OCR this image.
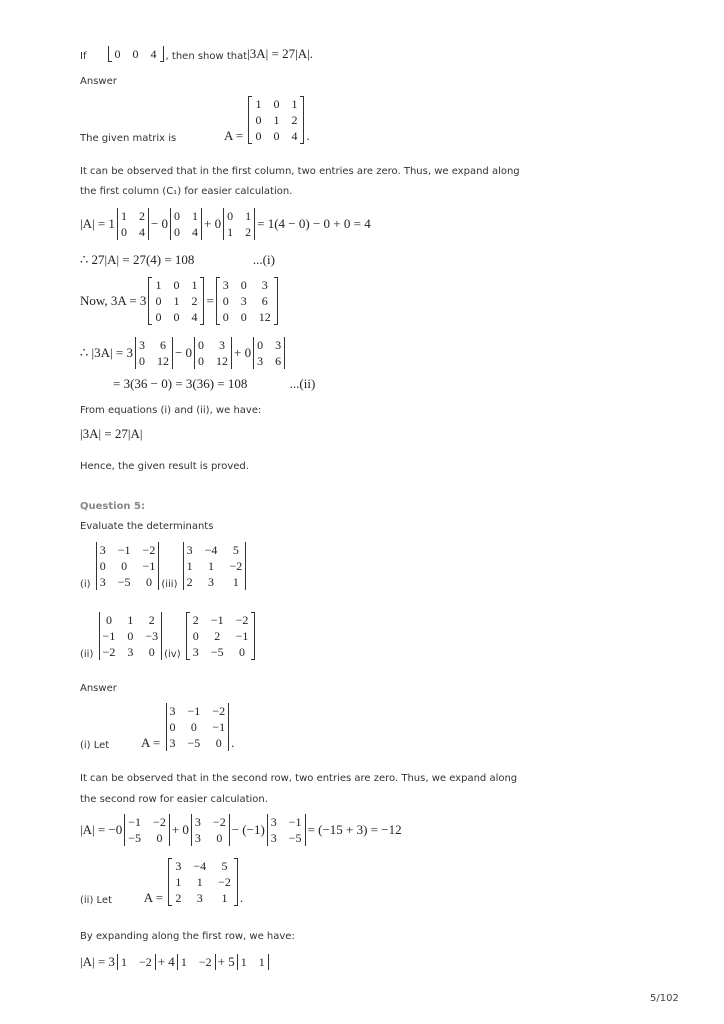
If 0 0 4 , then show that |3A| = 27|A|.
Answer
The given matrix is A =
1 0 1
0 1 2
0 0 4 .
It can be observed that in the first column, two entries are zero. Thus, we expand along
the first column (C₁) for easier calculation.
|A| = 1 1 2
0 4
− 0 0 1
0 4
+ 0 0 1
1 2
= 1(4 − 0) − 0 + 0 = 4
∴ 27|A| = 27(4) = 108                  ...(i)
Now, 3A = 3
1 0 1
0 1 2
0 0 4
=
3 0 3
0 3 6
0 0 12
∴ |3A| = 3 3 6
0 12
− 0 0 3
0 12
+ 0 0 3
3 6
= 3(36 − 0) = 3(36) = 108             ...(ii)
From equations (i) and (ii), we have:
|3A| = 27|A|
Hence, the given result is proved.
Question 5:
Evaluate the determinants
(i)
3 −1 −2
0 0 −1
3 −5 0 (iii)
3 −4 5
1 1 −2
2 3 1
(ii)
0 1 2
−1 0 −3
−2 3 0 (iv)
2 −1 −2
0 2 −1
3 −5 0
Answer
(i) Let A =
3 −1 −2
0 0 −1
3 −5 0 .
It can be observed that in the second row, two entries are zero. Thus, we expand along
the second row for easier calculation.
|A| = −0 −1 −2
−5 0
+ 0 3 −2
3 0
− (−1) 3 −1
3 −5
= (−15 + 3) = −12
(ii) Let A =
3 −4 5
1 1 −2
2 3 1 .
By expanding along the first row, we have:
|A| = 3 1 −2 + 4 1 −2 + 5 1 1
5/102
